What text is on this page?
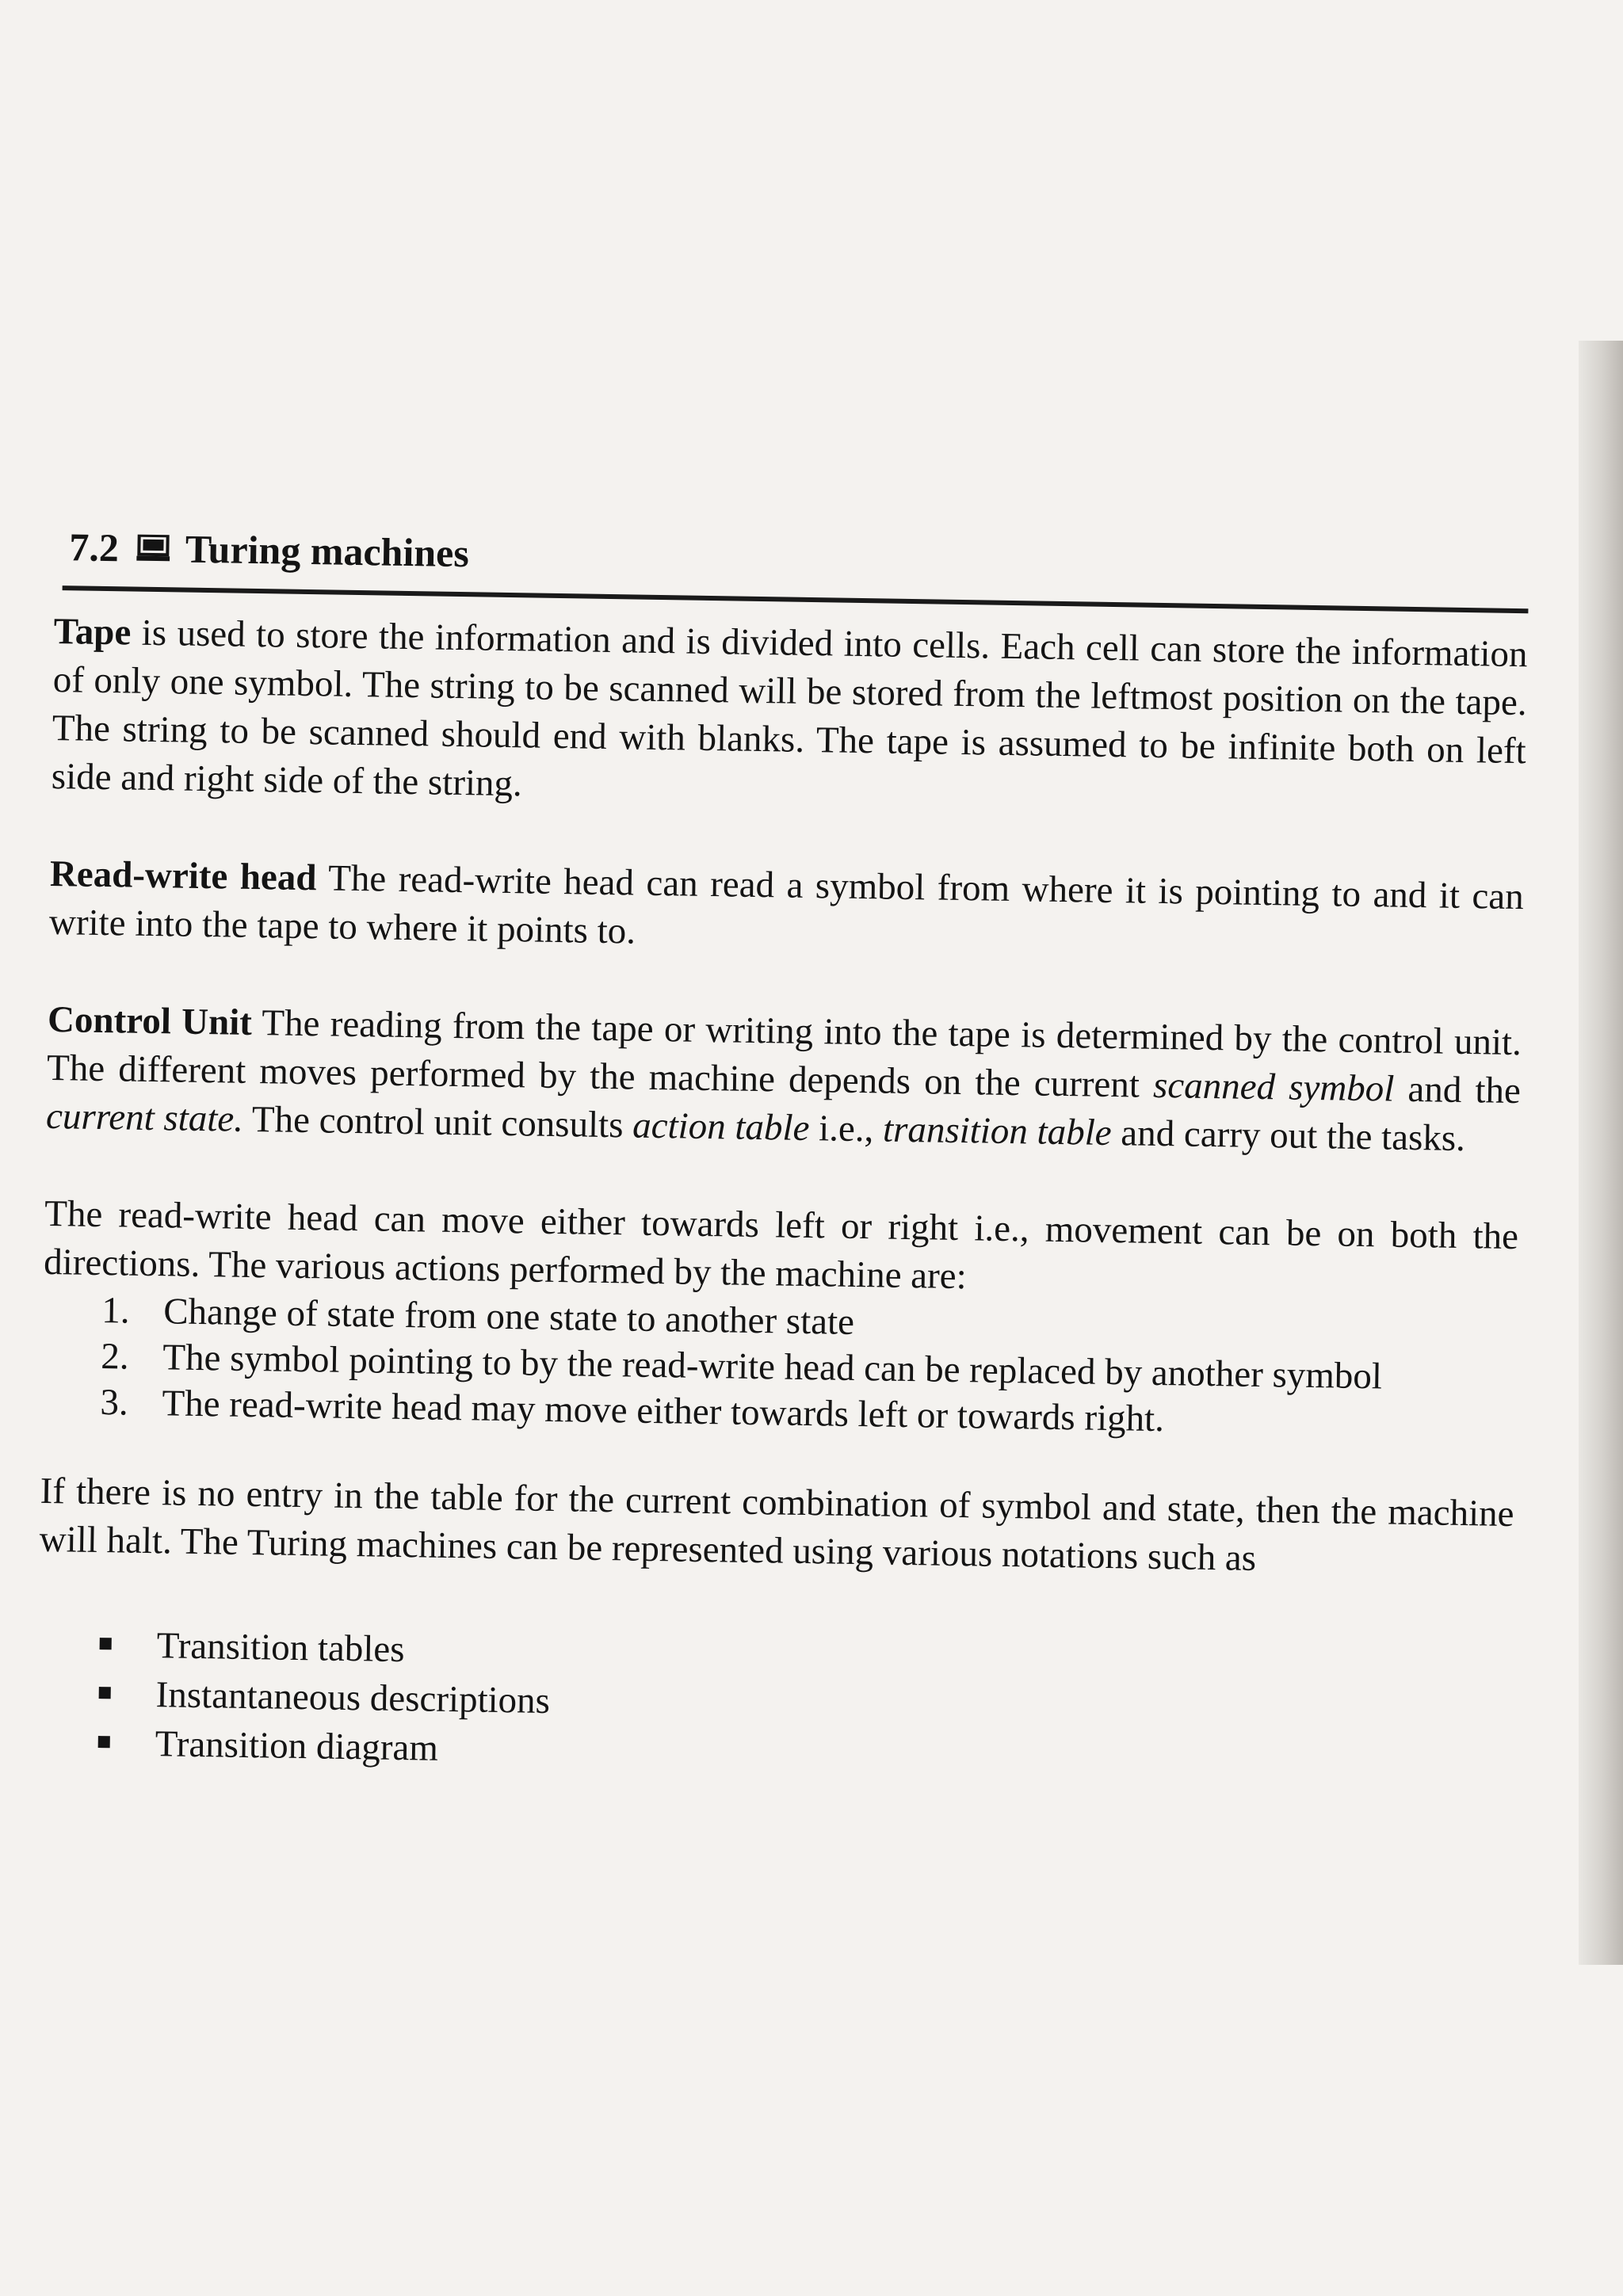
7.2 Turing machines

Tape is used to store the information and is divided into cells. Each cell can store the information of only one symbol. The string to be scanned will be stored from the leftmost position on the tape. The string to be scanned should end with blanks. The tape is assumed to be infinite both on left side and right side of the string.

Read-write head The read-write head can read a symbol from where it is pointing to and it can write into the tape to where it points to.

Control Unit The reading from the tape or writing into the tape is determined by the control unit. The different moves performed by the machine depends on the current scanned symbol and the current state. The control unit consults action table i.e., transition table and carry out the tasks.

The read-write head can move either towards left or right i.e., movement can be on both the directions. The various actions performed by the machine are:

1. Change of state from one state to another state
2. The symbol pointing to by the read-write head can be replaced by another symbol
3. The read-write head may move either towards left or towards right.

If there is no entry in the table for the current combination of symbol and state, then the machine will halt. The Turing machines can be represented using various notations such as

Transition tables
Instantaneous descriptions
Transition diagram
